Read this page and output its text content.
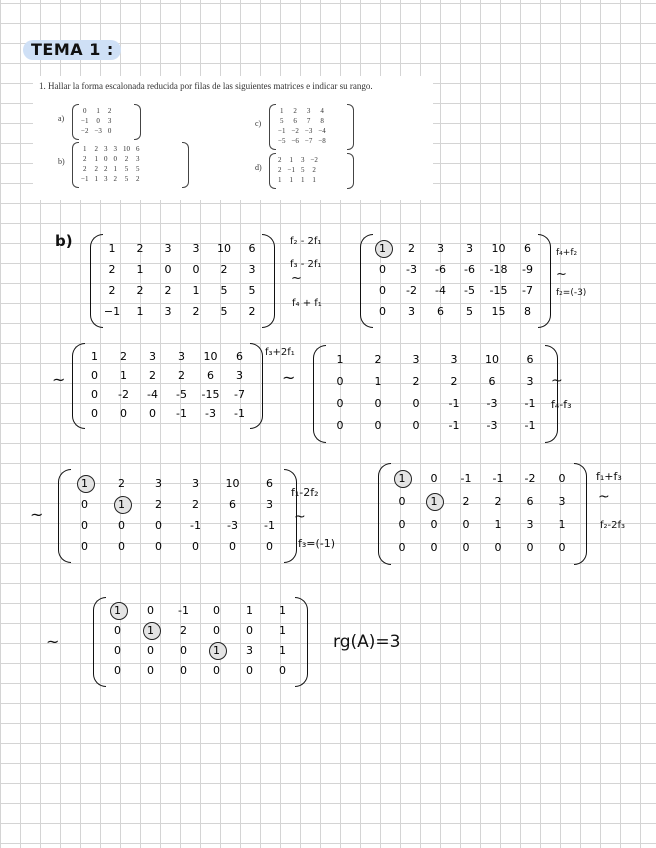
TEMA 1 :
1. Hallar la forma escalonada reducida por filas de las siguientes matrices e indicar su rango.
a)
0	1	2
−1	0	3
−2	−3	0
b)
1	2	3	3	10	6
2	1	0	0	2	3
2	2	2	1	5	5
−1	1	3	2	5	2
c)
1	2	3	4
5	6	7	8
−1	−2	−3	−4
−5	−6	−7	−8
d)
2	1	3	−2
2	−1	5	2
1	1	1	1
b)	1	2	3	3	10	6
2	1	0	0	2	3
2	2	2	1	5	5
−1	1	3	2	5	2
1	2	3	3	10	6
0	-3	-6	-6	-18	-9
0	-2	-4	-5	-15	-7
0	3	6	5	15	8
1	2	3	3	10	6
0	1	2	2	6	3
0	-2	-4	-5	-15	-7
0	0	0	-1	-3	-1
1	2	3	3	10	6
0	1	2	2	6	3
0	0	0	-1	-3	-1
0	0	0	-1	-3	-1
1	2	3	3	10	6
0	1	2	2	6	3
0	0	0	-1	-3	-1
0	0	0	0	0	0
1	0	-1	-1	-2	0
0	1	2	2	6	3
0	0	0	1	3	1
0	0	0	0	0	0
1	0	-1	0	1	1
0	1	2	0	0	1
0	0	0	1	3	1
0	0	0	0	0	0
f₂ - 2f₁
f₃ - 2f₁
~
f₄ + f₁
f₄+f₂
~
f₂=(-3)
~
f₃+2f₁
~	~
f₄-f₃
~
f₁-2f₂
~
f₃=(-1)
f₁+f₃
~
f₂-2f₃
~	rg(A)=3
